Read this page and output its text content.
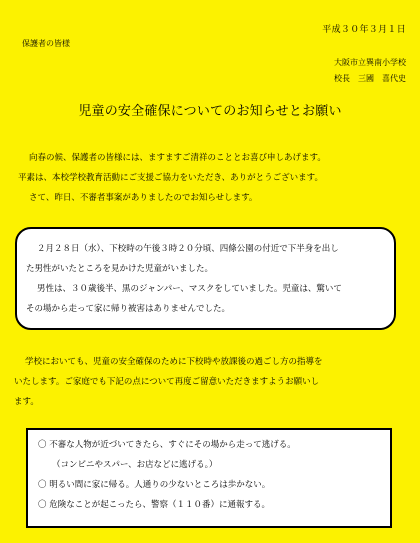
平成３０年３月１日
保護者の皆様
大阪市立巽南小学校
校長　三國　喜代史
児童の安全確保についてのお知らせとお願い

向春の候、保護者の皆様には、ますますご清祥のこととお喜び申しあげます。

平素は、本校学校教育活動にご支援ご協力をいただき、ありがとうございます。

さて、昨日、不審者事案がありましたのでお知らせします。

２月２８日（水）、下校時の午後３時２０分頃、四條公園の付近で下半身を出し

た男性がいたところを見かけた児童がいました。

男性は、３０歳後半、黒のジャンパー、マスクをしていました。児童は、驚いて

その場から走って家に帰り被害はありませんでした。

学校においても、児童の安全確保のために下校時や放課後の過ごし方の指導を

いたします。ご家庭でも下記の点について再度ご留意いただきますようお願いし

ます。

〇 不審な人物が近づいてきたら、すぐにその場から走って逃げる。
（コンビニやスパー、お店などに逃げる。）
〇 明るい間に家に帰る。人通りの少ないところは歩かない。
〇 危険なことが起こったら、警察（１１０番）に通報する。
